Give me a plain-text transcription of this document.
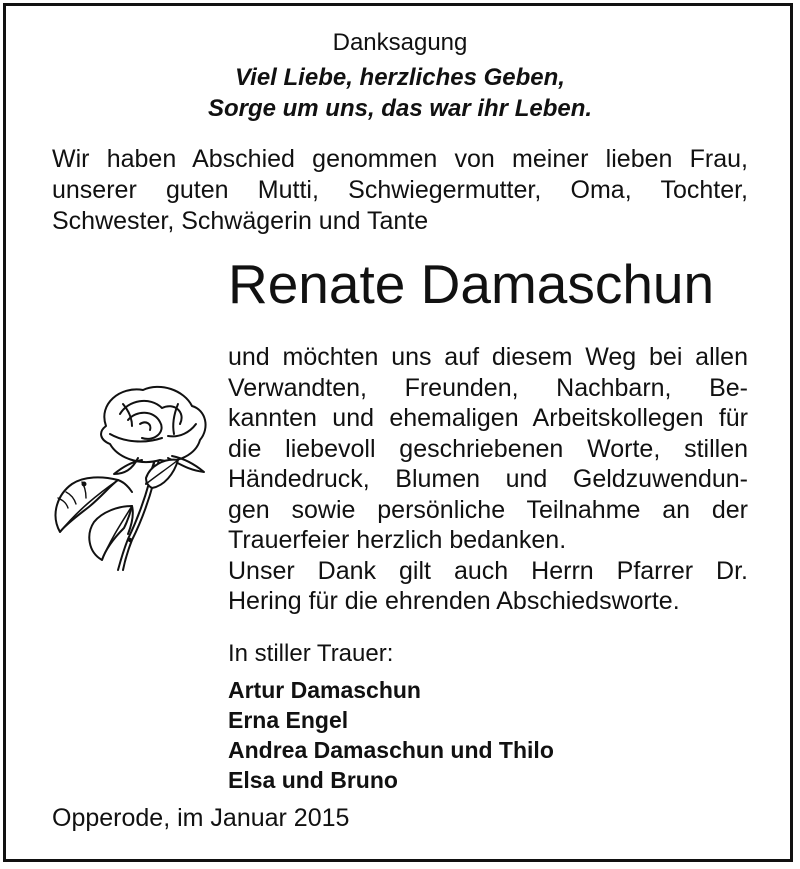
Danksagung

Viel Liebe, herzliches Geben,
Sorge um uns, das war ihr Leben.
Wir haben Abschied genommen von meiner lieben Frau,
unserer guten Mutti, Schwiegermutter, Oma, Tochter,
Schwester, Schwägerin und Tante
Renate Damaschun
und möchten uns auf diesem Weg bei allen
Verwandten, Freunden, Nachbarn, Be-
kannten und ehemaligen Arbeitskollegen für
die liebevoll geschriebenen Worte, stillen
Händedruck, Blumen und Geldzuwendun-
gen sowie persönliche Teilnahme an der
Trauerfeier herzlich bedanken.
Unser Dank gilt auch Herrn Pfarrer Dr.
Hering für die ehrenden Abschiedsworte.

In stiller Trauer:

Artur Damaschun
Erna Engel
Andrea Damaschun und Thilo
Elsa und Bruno

Opperode, im Januar 2015
